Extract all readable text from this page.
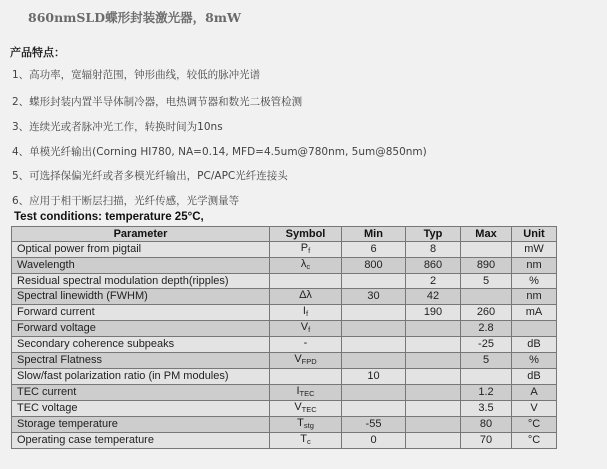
860nmSLD蝶形封装激光器，8mW
产品特点：
1、高功率，宽辐射范围，钟形曲线，较低的脉冲光谱
2、蝶形封装内置半导体制冷器，电热调节器和数光二极管检测
3、连续光或者脉冲光工作，转换时间为10ns
4、单模光纤输出(Corning HI780, NA=0.14, MFD=4.5um@780nm, 5um@850nm)
5、可选择保偏光纤或者多模光纤输出，PC/APC光纤连接头
6、应用于相干断层扫描，光纤传感，光学测量等
Test conditions: temperature 25°C,
Parameter	Symbol	Min	Typ	Max	Unit
Optical power from pigtail	Pf	6	8		mW
Wavelength	λc	800	860	890	nm
Residual spectral modulation depth(ripples)			2	5	%
Spectral linewidth (FWHM)	Δλ	30	42		nm
Forward current	If		190	260	mA
Forward voltage	Vf			2.8	
Secondary coherence subpeaks	-			-25	dB
Spectral Flatness	VFPD			5	%
Slow/fast polarization ratio (in PM modules)		10			dB
TEC current	ITEC			1.2	A
TEC voltage	VTEC			3.5	V
Storage temperature	Tstg	-55		80	°C
Operating case temperature	Tc	0		70	°C
